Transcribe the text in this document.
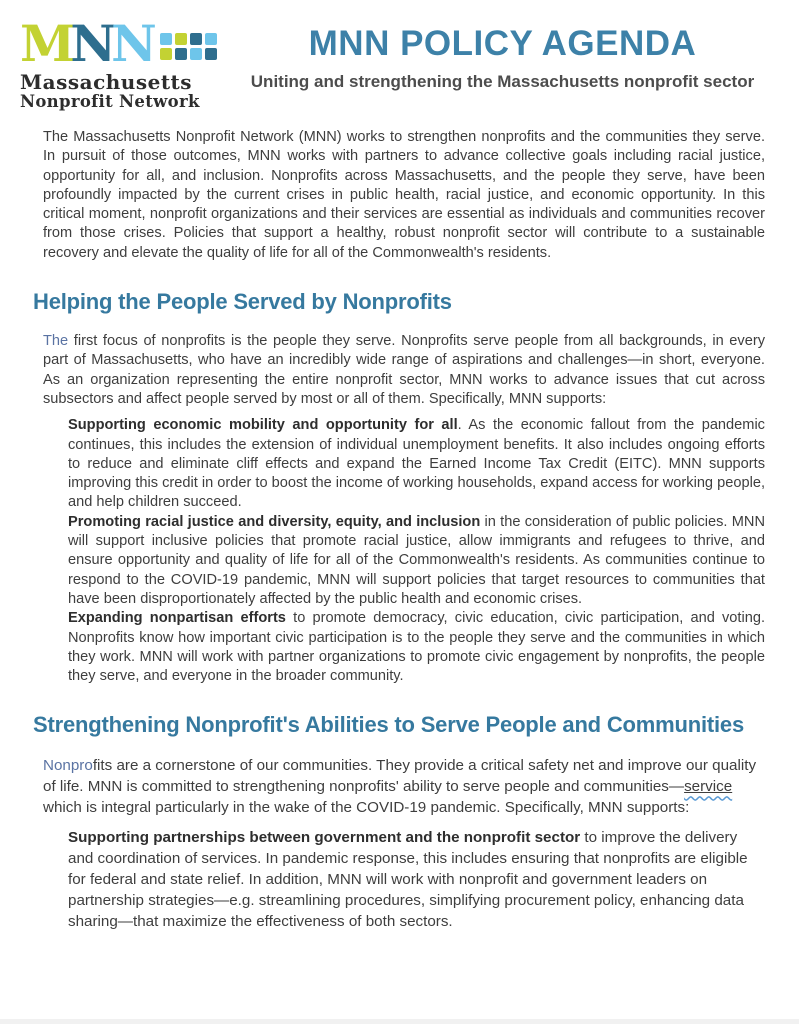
MNN
Massachusetts
Nonprofit Network
MNN POLICY AGENDA
Uniting and strengthening the Massachusetts nonprofit sector

The Massachusetts Nonprofit Network (MNN) works to strengthen nonprofits and the communities they serve. In pursuit of those outcomes, MNN works with partners to advance collective goals including racial justice, opportunity for all, and inclusion. Nonprofits across Massachusetts, and the people they serve, have been profoundly impacted by the current crises in public health, racial justice, and economic opportunity. In this critical moment, nonprofit organizations and their services are essential as individuals and communities recover from those crises. Policies that support a healthy, robust nonprofit sector will contribute to a sustainable recovery and elevate the quality of life for all of the Commonwealth's residents.

Helping the People Served by Nonprofits

The first focus of nonprofits is the people they serve. Nonprofits serve people from all backgrounds, in every part of Massachusetts, who have an incredibly wide range of aspirations and challenges—in short, everyone. As an organization representing the entire nonprofit sector, MNN works to advance issues that cut across subsectors and affect people served by most or all of them. Specifically, MNN supports:

Supporting economic mobility and opportunity for all. As the economic fallout from the pandemic continues, this includes the extension of individual unemployment benefits. It also includes ongoing efforts to reduce and eliminate cliff effects and expand the Earned Income Tax Credit (EITC). MNN supports improving this credit in order to boost the income of working households, expand access for working people, and help children succeed.

Promoting racial justice and diversity, equity, and inclusion in the consideration of public policies. MNN will support inclusive policies that promote racial justice, allow immigrants and refugees to thrive, and ensure opportunity and quality of life for all of the Commonwealth's residents. As communities continue to respond to the COVID-19 pandemic, MNN will support policies that target resources to communities that have been disproportionately affected by the public health and economic crises.

Expanding nonpartisan efforts to promote democracy, civic education, civic participation, and voting. Nonprofits know how important civic participation is to the people they serve and the communities in which they work. MNN will work with partner organizations to promote civic engagement by nonprofits, the people they serve, and everyone in the broader community.

Strengthening Nonprofit's Abilities to Serve People and Communities

Nonprofits are a cornerstone of our communities. They provide a critical safety net and improve our quality of life. MNN is committed to strengthening nonprofits' ability to serve people and communities—service which is integral particularly in the wake of the COVID-19 pandemic. Specifically, MNN supports:

Supporting partnerships between government and the nonprofit sector to improve the delivery and coordination of services. In pandemic response, this includes ensuring that nonprofits are eligible for federal and state relief. In addition, MNN will work with nonprofit and government leaders on partnership strategies—e.g. streamlining procedures, simplifying procurement policy, enhancing data sharing—that maximize the effectiveness of both sectors.
